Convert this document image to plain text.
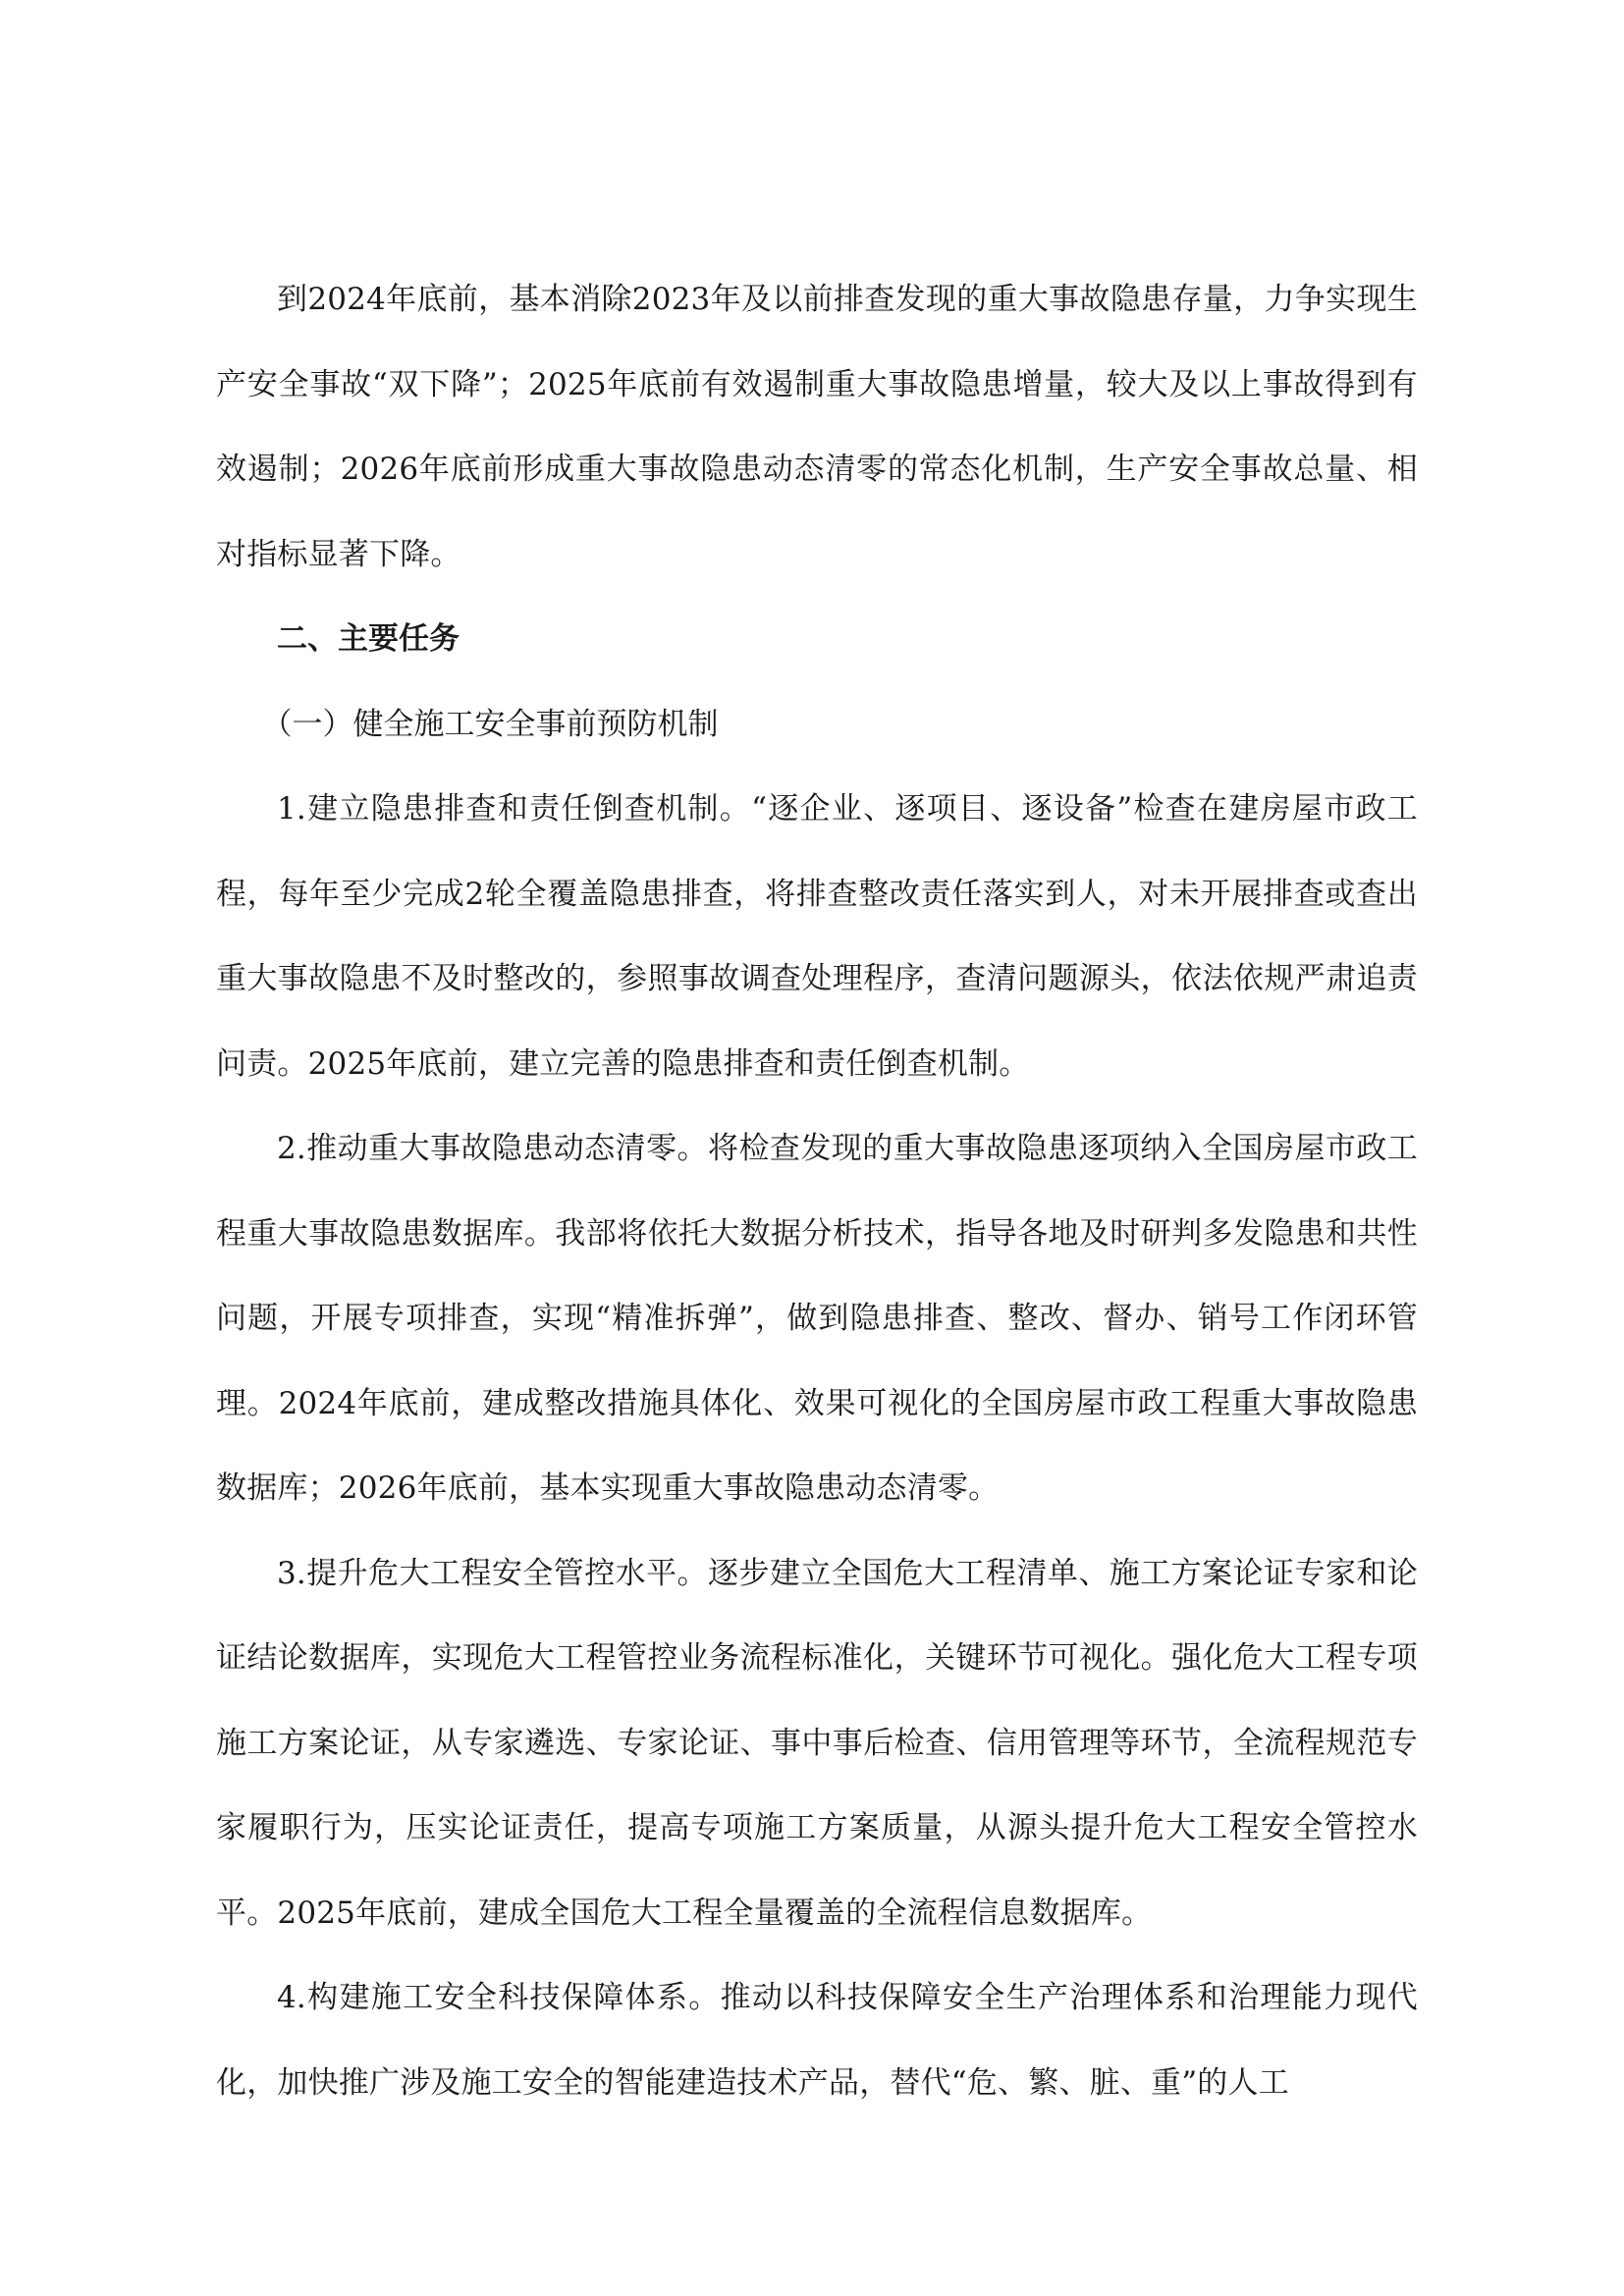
到2024年底前，基本消除2023年及以前排查发现的重大事故隐患存量，力争实现生产安全事故“双下降”；2025年底前有效遏制重大事故隐患增量，较大及以上事故得到有效遏制；2026年底前形成重大事故隐患动态清零的常态化机制，生产安全事故总量、相对指标显著下降。

二、主要任务

（一）健全施工安全事前预防机制

1.建立隐患排查和责任倒查机制。“逐企业、逐项目、逐设备”检查在建房屋市政工程，每年至少完成2轮全覆盖隐患排查，将排查整改责任落实到人，对未开展排查或查出重大事故隐患不及时整改的，参照事故调查处理程序，查清问题源头，依法依规严肃追责问责。2025年底前，建立完善的隐患排查和责任倒查机制。

2.推动重大事故隐患动态清零。将检查发现的重大事故隐患逐项纳入全国房屋市政工程重大事故隐患数据库。我部将依托大数据分析技术，指导各地及时研判多发隐患和共性问题，开展专项排查，实现“精准拆弹”，做到隐患排查、整改、督办、销号工作闭环管理。2024年底前，建成整改措施具体化、效果可视化的全国房屋市政工程重大事故隐患数据库；2026年底前，基本实现重大事故隐患动态清零。

3.提升危大工程安全管控水平。逐步建立全国危大工程清单、施工方案论证专家和论证结论数据库，实现危大工程管控业务流程标准化，关键环节可视化。强化危大工程专项施工方案论证，从专家遴选、专家论证、事中事后检查、信用管理等环节，全流程规范专家履职行为，压实论证责任，提高专项施工方案质量，从源头提升危大工程安全管控水平。2025年底前，建成全国危大工程全量覆盖的全流程信息数据库。

4.构建施工安全科技保障体系。推动以科技保障安全生产治理体系和治理能力现代化，加快推广涉及施工安全的智能建造技术产品，替代“危、繁、脏、重”的人工
